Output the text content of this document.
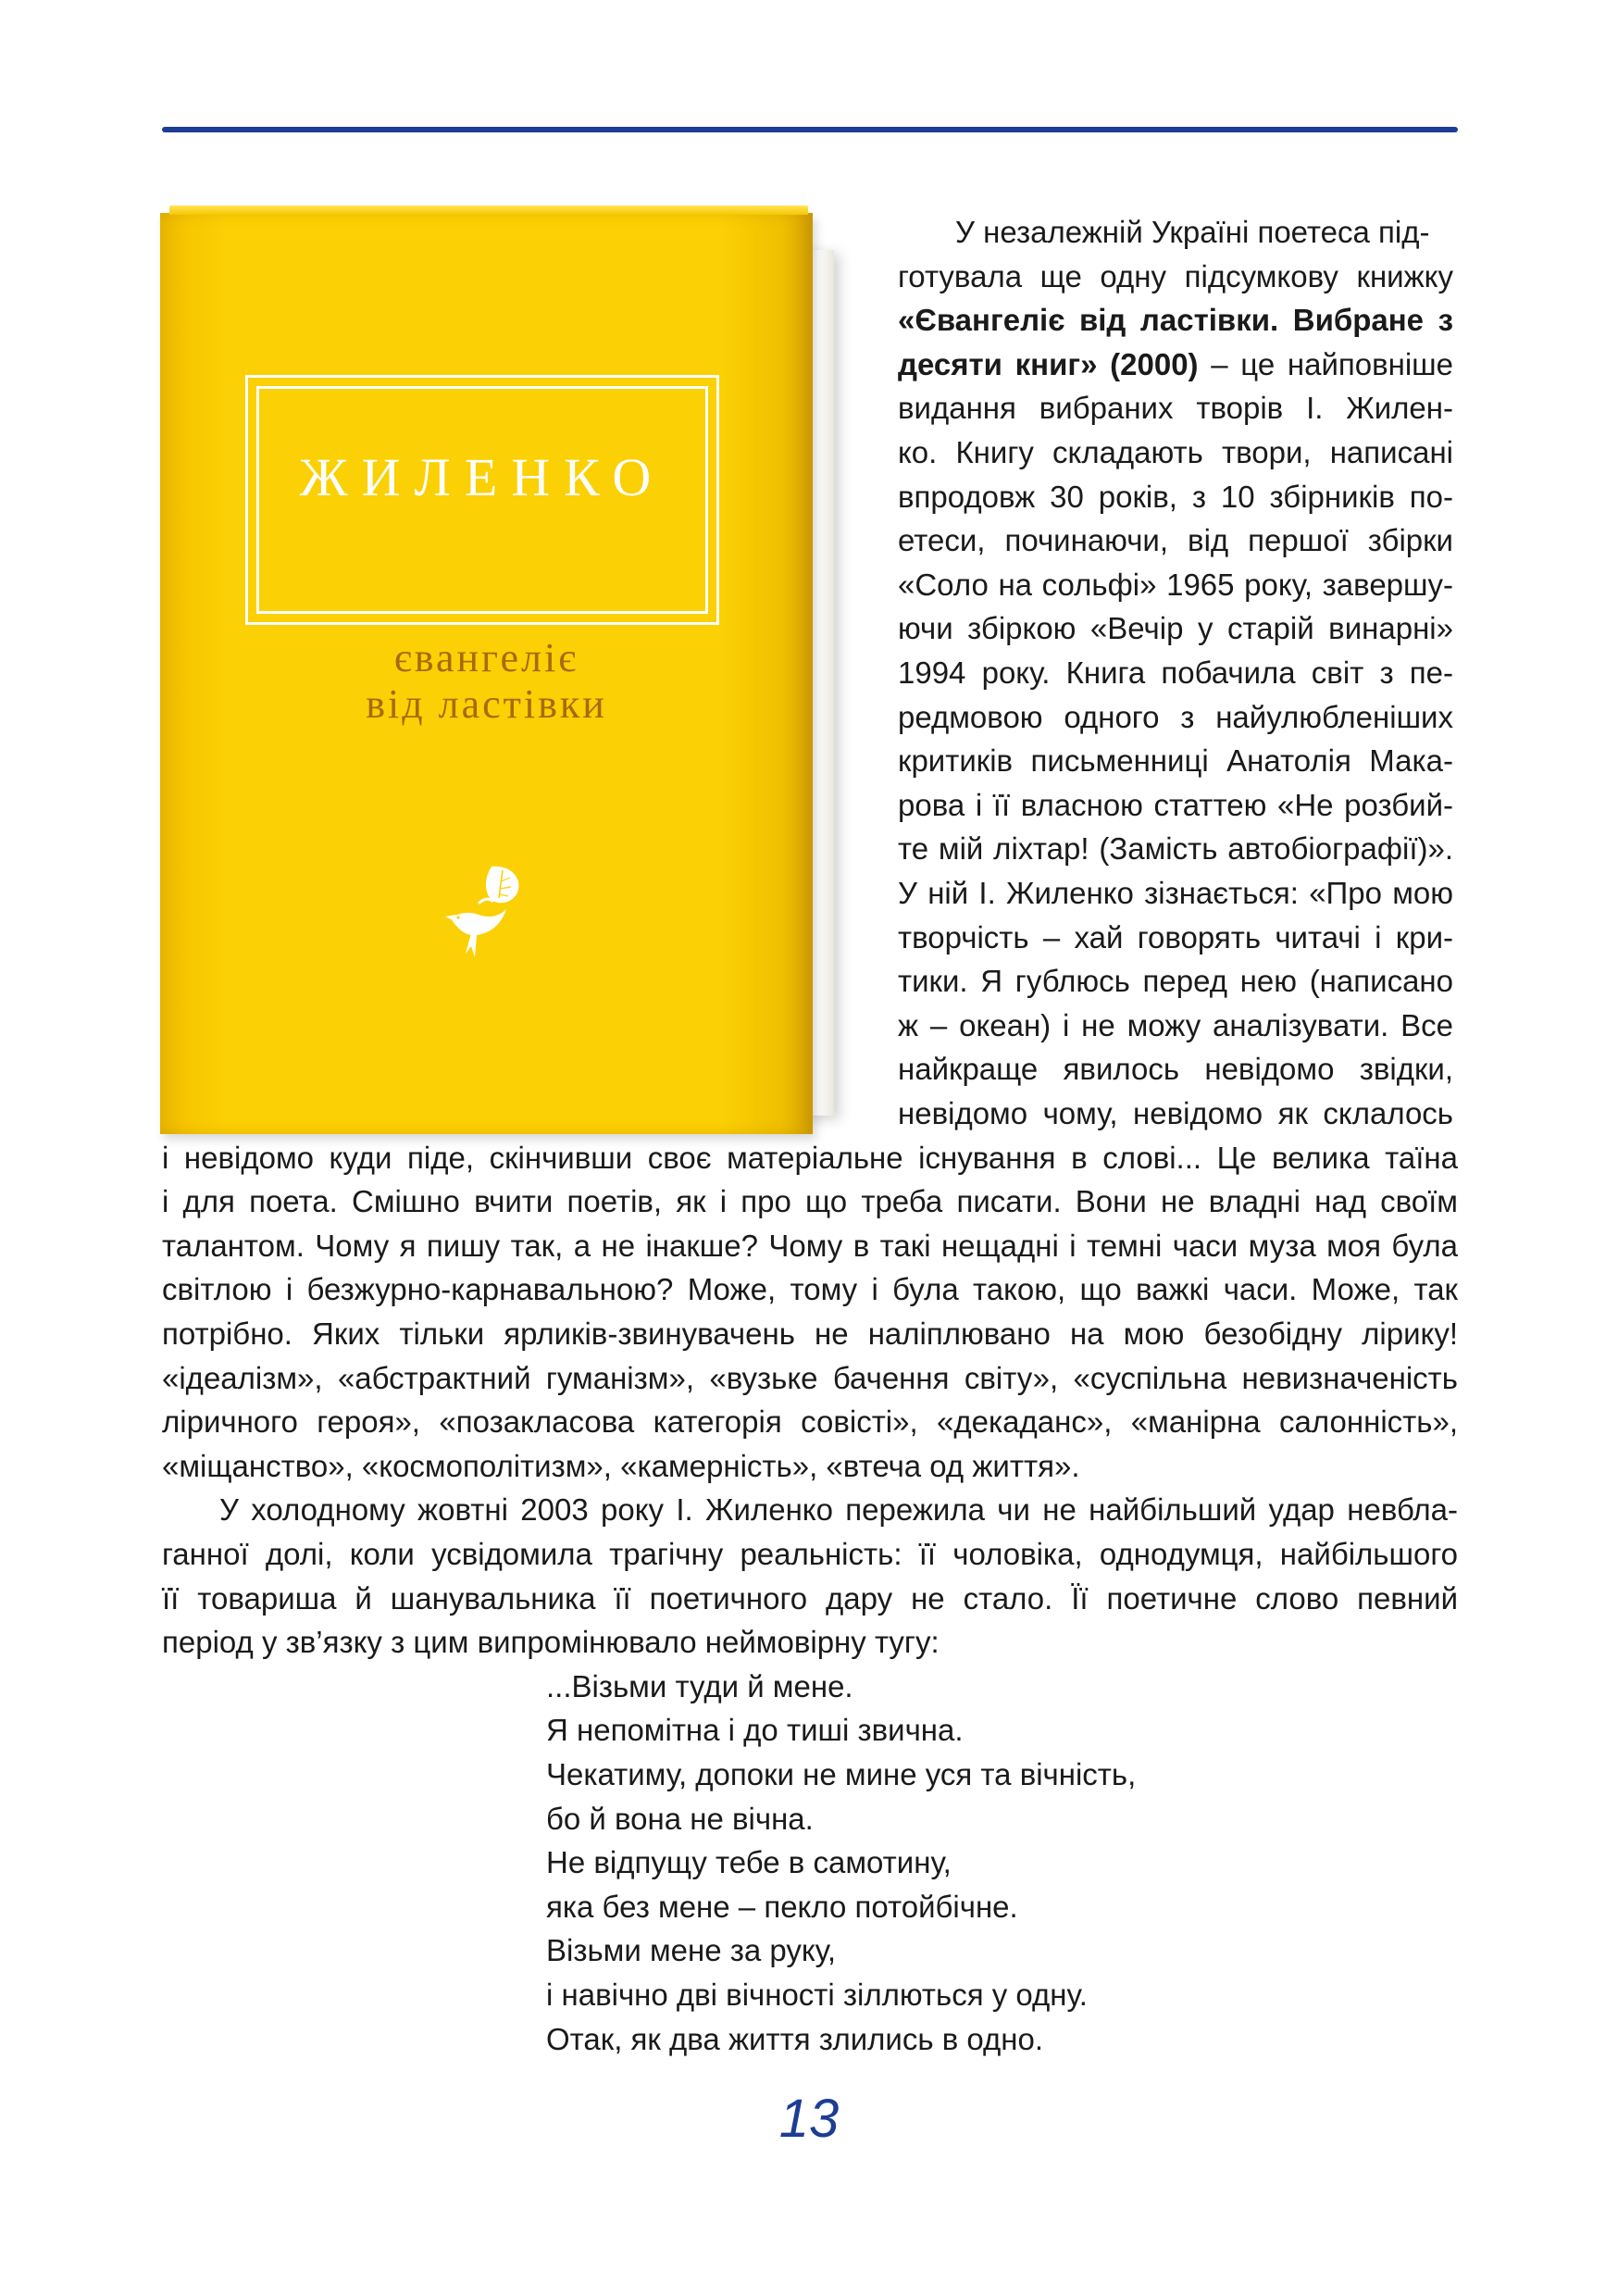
ЖИЛЕНКО
євангеліє
від ластівки
У незалежній Україні поетеса під-
готувала ще одну підсумкову книжку
«Євангеліє від ластівки. Вибране з
десяти книг» (2000) – це найповніше
видання вибраних творів І. Жилен-
ко. Книгу складають твори, написані
впродовж 30 років, з 10 збірників по-
етеси, починаючи, від першої збірки
«Соло на сольфі» 1965 року, завершу-
ючи збіркою «Вечір у старій винарні»
1994 року. Книга побачила світ з пе-
редмовою одного з найулюбленіших
критиків письменниці Анатолія Мака-
рова і її власною статтею «Не розбий-
те мій ліхтар! (Замість автобіографії)».
У ній І. Жиленко зізнається: «Про мою
творчість – хай говорять читачі і кри-
тики. Я гублюсь перед нею (написано
ж – океан) і не можу аналізувати. Все
найкраще явилось невідомо звідки,
невідомо чому, невідомо як склалось
і невідомо куди піде, скінчивши своє матеріальне існування в слові... Це велика таїна
і для поета. Смішно вчити поетів, як і про що треба писати. Вони не владні над своїм
талантом. Чому я пишу так, а не інакше? Чому в такі нещадні і темні часи муза моя була
світлою і безжурно-карнавальною? Може, тому і була такою, що важкі часи. Може, так
потрібно. Яких тільки ярликів-звинувачень не наліплювано на мою безобідну лірику!
«ідеалізм», «абстрактний гуманізм», «вузьке бачення світу», «суспільна невизначеність
ліричного героя», «позакласова категорія совісті», «декаданс», «манірна салонність»,
«міщанство», «космополітизм», «камерність», «втеча од життя».
У холодному жовтні 2003 року І. Жиленко пережила чи не найбільший удар невбла-
ганної долі, коли усвідомила трагічну реальність: її чоловіка, однодумця, найбільшого
її товариша й шанувальника її поетичного дару не стало. Її поетичне слово певний
період у зв’язку з цим випромінювало неймовірну тугу:
...Візьми туди й мене.
Я непомітна і до тиші звична.
Чекатиму, допоки не мине уся та вічність,
бо й вона не вічна.
Не відпущу тебе в самотину,
яка без мене – пекло потойбічне.
Візьми мене за руку,
і навічно дві вічності зіллються у одну.
Отак, як два життя злились в одно.
13
